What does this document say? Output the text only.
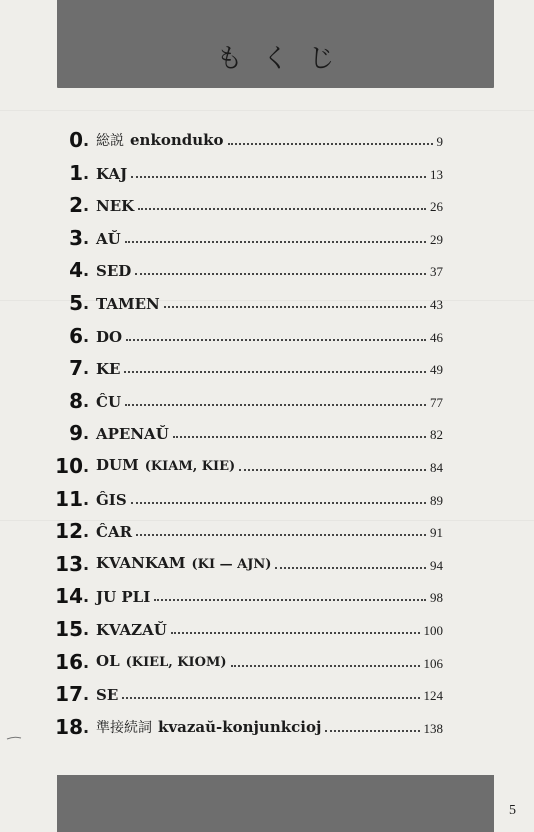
もくじ
0 . 総説 enkonduko	9
1 . KAJ	13
2 . NEK	26
3 . AŬ	29
4 . SED	37
5 . TAMEN	43
6 . DO	46
7 . KE	49
8 . ĈU	77
9 . APENAŬ	82
10 . DUM (KIAM, KIE)	84
11 . ĜIS	89
12 . ĈAR	91
13 . KVANKAM (KI — AJN)	94
14 . JU PLI	98
15 . KVAZAŬ	100
16 . OL (KIEL, KIOM)	106
17 . SE	124
18 . 準接続詞 kvazaŭ-konjunkcioj	138
5
